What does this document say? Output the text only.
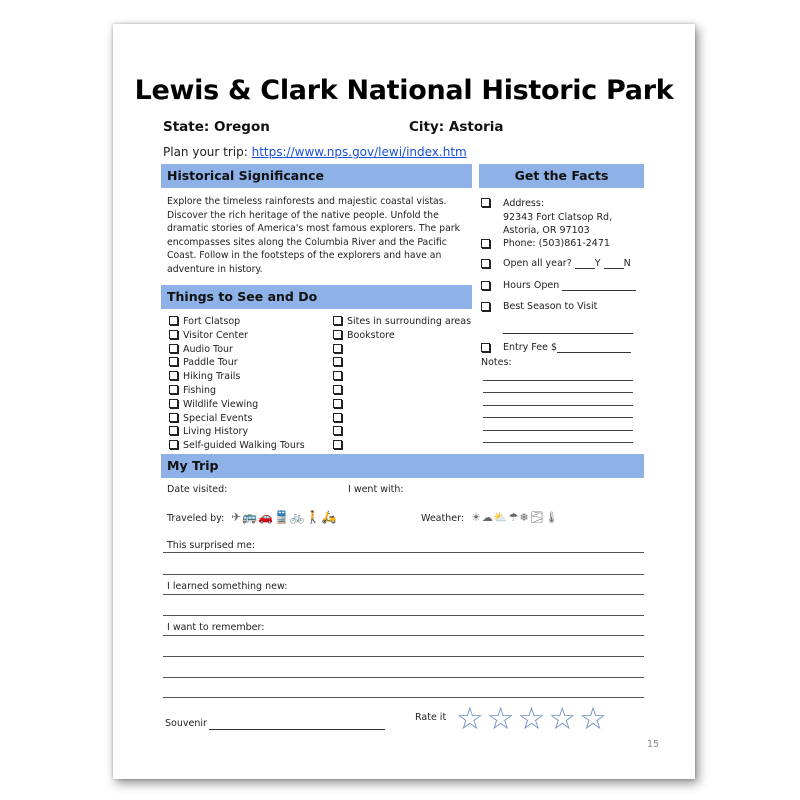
Lewis & Clark National Historic Park
State: Oregon	City: Astoria
Plan your trip: https://www.nps.gov/lewi/index.htm
Historical Significance
Explore the timeless rainforests and majestic coastal vistas. Discover the rich heritage of the native people. Unfold the dramatic stories of America's most famous explorers. The park encompasses sites along the Columbia River and the Pacific Coast. Follow in the footsteps of the explorers and have an adventure in history.
Get the Facts
Address:
92343 Fort Clatsop Rd,
Astoria, OR 97103
Phone: (503)861-2471
Open all year? Y N
Hours Open
Best Season to Visit
Entry Fee $
Notes:
Things to See and Do
Fort Clatsop
Visitor Center
Audio Tour
Paddle Tour
Hiking Trails
Fishing
Wildlife Viewing
Special Events
Living History
Self-guided Walking Tours
Sites in surrounding areas
Bookstore
My Trip
Date visited:	I went with:
Traveled by: ✈🚌🚗🚆🚲🚶🛵	Weather: ☀☁⛅☂❄🌫🌡
This surprised me:
I learned something new:
I want to remember:
Souvenir
Rate it ☆☆☆☆☆
15
